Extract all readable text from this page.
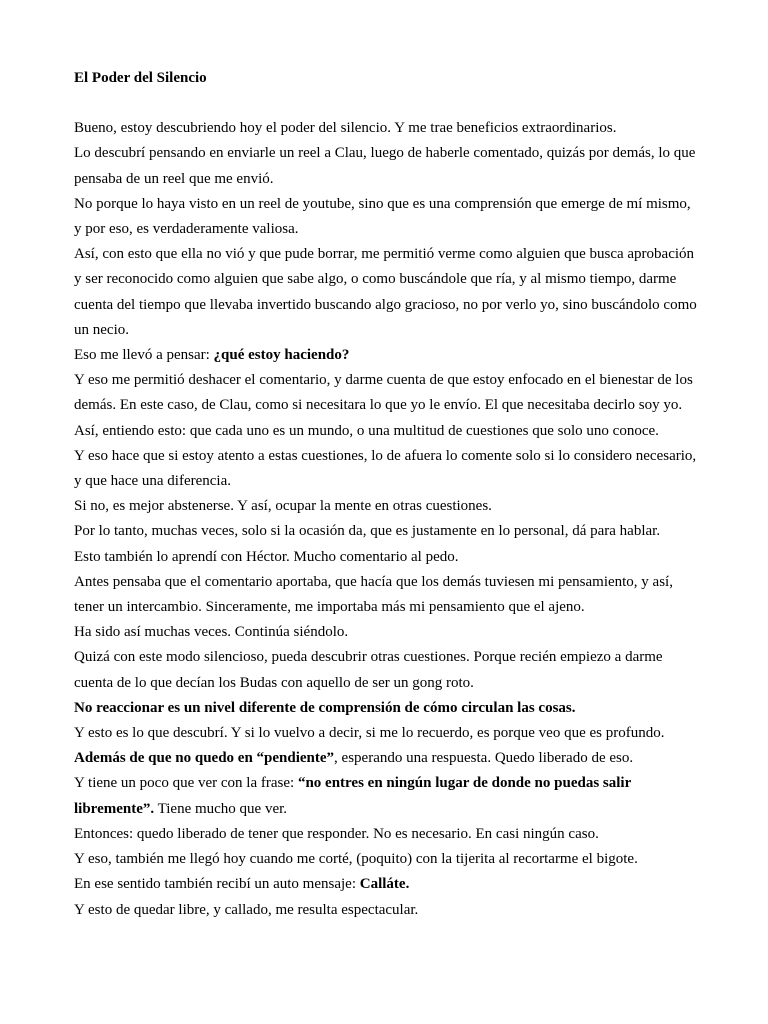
El Poder del Silencio

Bueno, estoy descubriendo hoy el poder del silencio. Y me trae beneficios extraordinarios.

Lo descubrí pensando en enviarle un reel a Clau, luego de haberle comentado, quizás por demás, lo que pensaba de un reel que me envió.

No porque lo haya visto en un reel de youtube, sino que es una comprensión que emerge de mí mismo, y por eso, es verdaderamente valiosa.

Así, con esto que ella no vió y que pude borrar, me permitió verme como alguien que busca aprobación y ser reconocido como alguien que sabe algo, o como buscándole que ría, y al mismo tiempo, darme cuenta del tiempo que llevaba invertido buscando algo gracioso, no por verlo yo, sino buscándolo como un necio.

Eso me llevó a pensar: ¿qué estoy haciendo?

Y eso me permitió deshacer el comentario, y darme cuenta de que estoy enfocado en el bienestar de los demás. En este caso, de Clau, como si necesitara lo que yo le envío. El que necesitaba decirlo soy yo.

Así, entiendo esto: que cada uno es un mundo, o una multitud de cuestiones que solo uno conoce.

Y eso hace que si estoy atento a estas cuestiones, lo de afuera lo comente solo si lo considero necesario, y que hace una diferencia.

Si no, es mejor abstenerse. Y así, ocupar la mente en otras cuestiones.

Por lo tanto, muchas veces, solo si la ocasión da, que es justamente en lo personal, dá para hablar.

Esto también lo aprendí con Héctor. Mucho comentario al pedo.

Antes pensaba que el comentario aportaba, que hacía que los demás tuviesen mi pensamiento, y así, tener un intercambio. Sinceramente, me importaba más mi pensamiento que el ajeno.

Ha sido así muchas veces. Continúa siéndolo.

Quizá con este modo silencioso, pueda descubrir otras cuestiones. Porque recién empiezo a darme cuenta de lo que decían los Budas con aquello de ser un gong roto.

No reaccionar es un nivel diferente de comprensión de cómo circulan las cosas.

Y esto es lo que descubrí. Y si lo vuelvo a decir, si me lo recuerdo, es porque veo que es profundo.

Además de que no quedo en “pendiente”, esperando una respuesta. Quedo liberado de eso.

Y tiene un poco que ver con la frase: “no entres en ningún lugar de donde no puedas salir libremente”. Tiene mucho que ver.

Entonces: quedo liberado de tener que responder. No es necesario. En casi ningún caso.

Y eso, también me llegó hoy cuando me corté, (poquito) con la tijerita al recortarme el bigote.

En ese sentido también recibí un auto mensaje: Calláte.

Y esto de quedar libre, y callado, me resulta espectacular.
